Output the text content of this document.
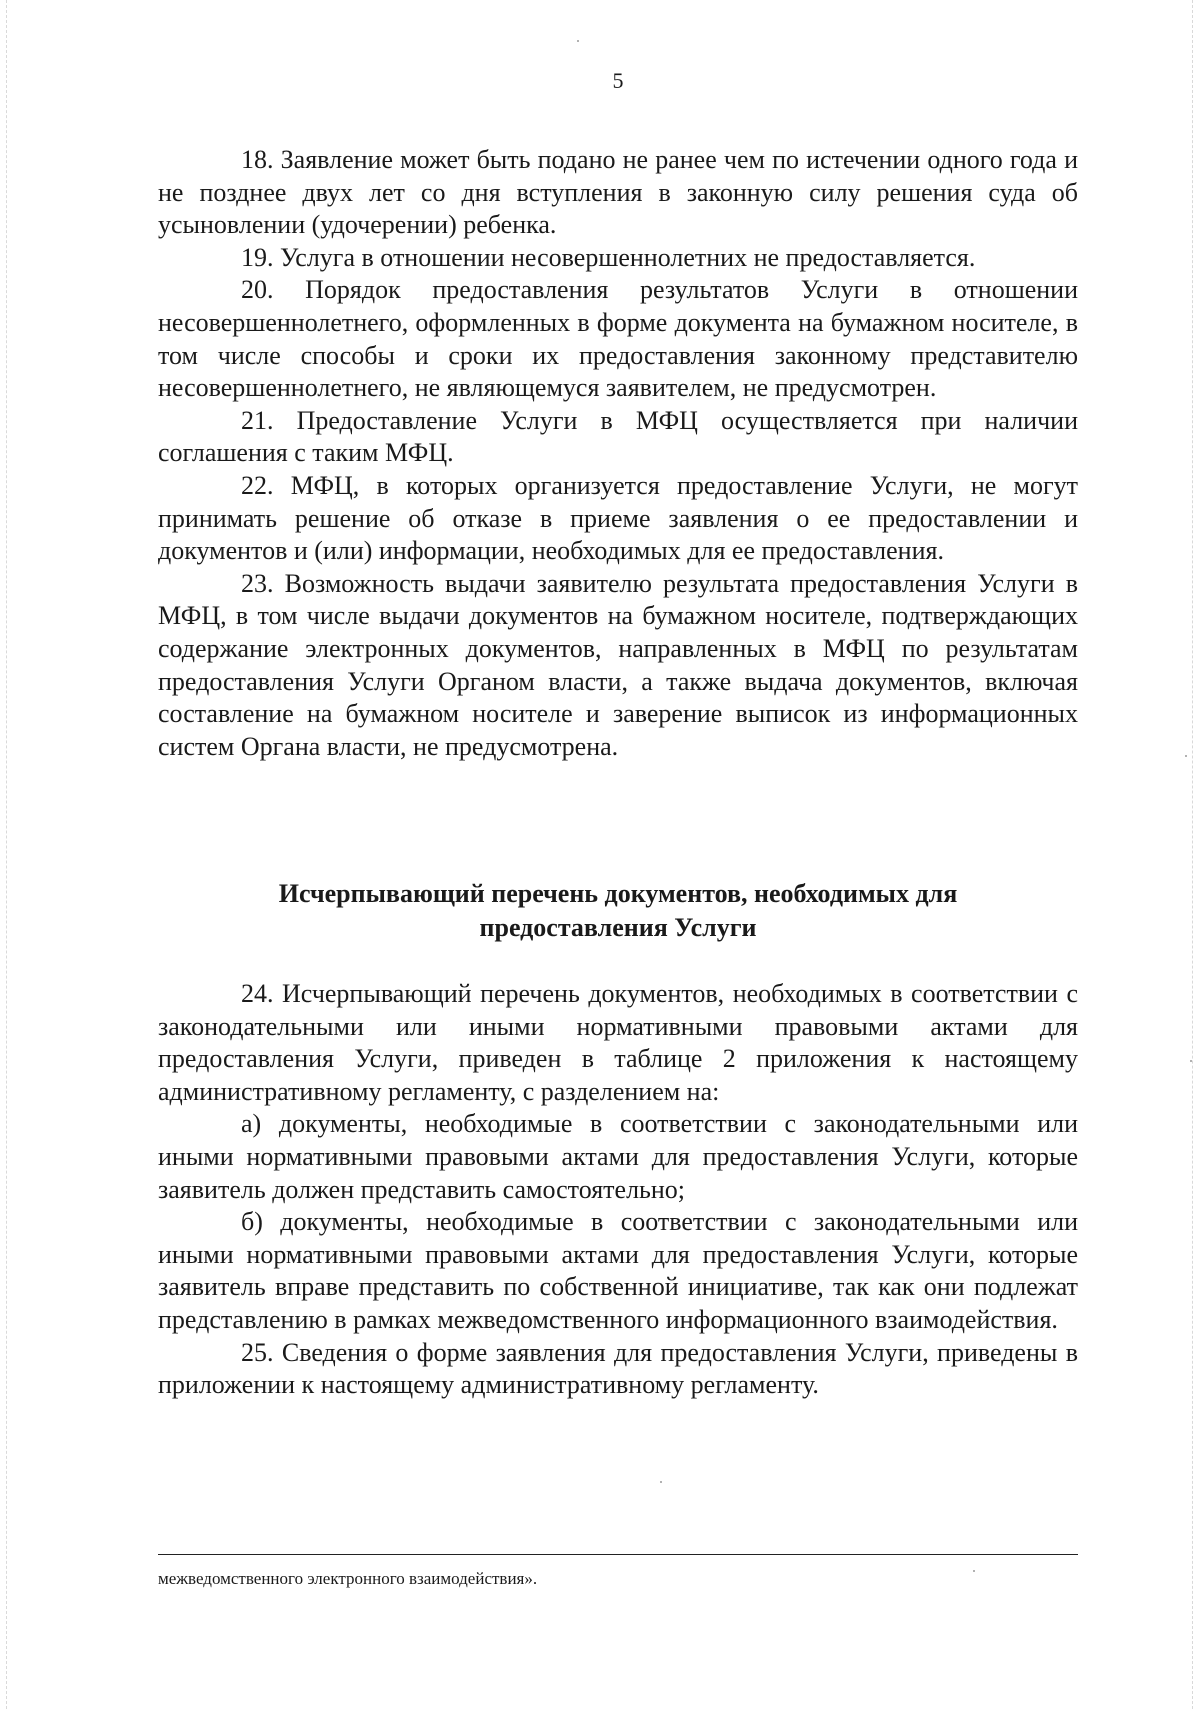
5

18. Заявление может быть подано не ранее чем по истечении одного года и не позднее двух лет со дня вступления в законную силу решения суда об усыновлении (удочерении) ребенка.

19. Услуга в отношении несовершеннолетних не предоставляется.

20. Порядок предоставления результатов Услуги в отношении несовершеннолетнего, оформленных в форме документа на бумажном носителе, в том числе способы и сроки их предоставления законному представителю несовершеннолетнего, не являющемуся заявителем, не предусмотрен.

21. Предоставление Услуги в МФЦ осуществляется при наличии соглашения с таким МФЦ.

22. МФЦ, в которых организуется предоставление Услуги, не могут принимать решение об отказе в приеме заявления о ее предоставлении и документов и (или) информации, необходимых для ее предоставления.

23. Возможность выдачи заявителю результата предоставления Услуги в МФЦ, в том числе выдачи документов на бумажном носителе, подтверждающих содержание электронных документов, направленных в МФЦ по результатам предоставления Услуги Органом власти, а также выдача документов, включая составление на бумажном носителе и заверение выписок из информационных систем Органа власти, не предусмотрена.

Исчерпывающий перечень документов, необходимых для
предоставления Услуги

24. Исчерпывающий перечень документов, необходимых в соответствии с законодательными или иными нормативными правовыми актами для предоставления Услуги, приведен в таблице 2 приложения к настоящему административному регламенту, с разделением на:

а) документы, необходимые в соответствии с законодательными или иными нормативными правовыми актами для предоставления Услуги, которые заявитель должен представить самостоятельно;

б) документы, необходимые в соответствии с законодательными или иными нормативными правовыми актами для предоставления Услуги, которые заявитель вправе представить по собственной инициативе, так как они подлежат представлению в рамках межведомственного информационного взаимодействия.

25. Сведения о форме заявления для предоставления Услуги, приведены в приложении к настоящему административному регламенту.

межведомственного электронного взаимодействия».
